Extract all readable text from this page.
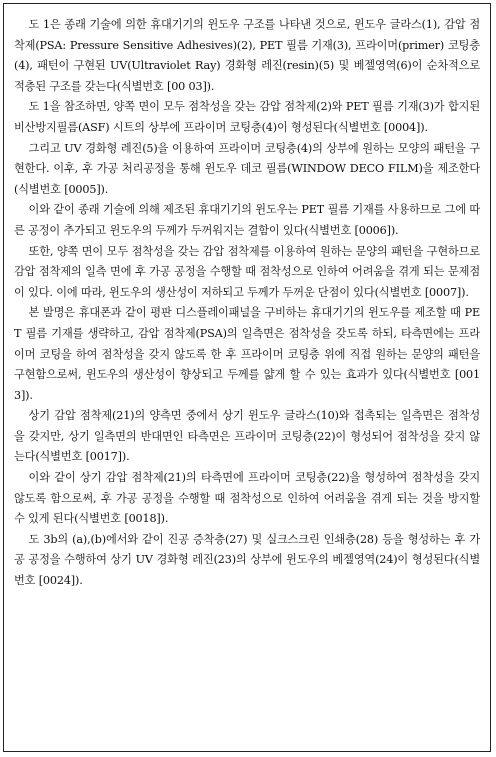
도 1은 종래 기술에 의한 휴대기기의 윈도우 구조를 나타낸 것으로, 윈도우 글라스(1), 감압 점착제(PSA: Pressure Sensitive Adhesives)(2), PET 필름 기재(3), 프라이머(primer) 코팅층(4), 패턴이 구현된 UV(Ultraviolet Ray) 경화형 레진(resin)(5) 및 베젤영역(6)이 순차적으로 적층된 구조를 갖는다(식별번호 [00 03]).

도 1을 참조하면, 양쪽 면이 모두 점착성을 갖는 감압 점착제(2)와 PET 필름 기재(3)가 합지된 비산방지필름(ASF) 시트의 상부에 프라이머 코팅층(4)이 형성된다(식별번호 [0004]).

그리고 UV 경화형 레진(5)을 이용하여 프라이머 코팅층(4)의 상부에 원하는 모양의 패턴을 구현한다. 이후, 후 가공 처리공정을 통해 윈도우 데코 필름(WINDOW DECO FILM)을 제조한다(식별번호 [0005]).

이와 같이 종래 기술에 의해 제조된 휴대기기의 윈도우는 PET 필름 기재를 사용하므로 그에 따른 공정이 추가되고 윈도우의 두께가 두꺼워지는 결함이 있다(식별번호 [0006]).

또한, 양쪽 면이 모두 점착성을 갖는 감압 점착제를 이용하여 원하는 문양의 패턴을 구현하므로 감압 점착제의 일측 면에 후 가공 공정을 수행할 때 점착성으로 인하여 어려움을 겪게 되는 문제점이 있다. 이에 따라, 윈도우의 생산성이 저하되고 두께가 두꺼운 단점이 있다(식별번호 [0007]).

본 발명은 휴대폰과 같이 평판 디스플레이패널을 구비하는 휴대기기의 윈도우를 제조할 때 PET 필름 기재를 생략하고, 감압 점착제(PSA)의 일측면은 점착성을 갖도록 하되, 타측면에는 프라이머 코팅을 하여 점착성을 갖지 않도록 한 후 프라이머 코팅층 위에 직접 원하는 문양의 패턴을 구현함으로써, 윈도우의 생산성이 향상되고 두께를 얇게 할 수 있는 효과가 있다(식별번호 [0013]).

상기 감압 점착제(21)의 양측면 중에서 상기 윈도우 글라스(10)와 접촉되는 일측면은 점착성을 갖지만, 상기 일측면의 반대면인 타측면은 프라이머 코팅층(22)이 형성되어 점착성을 갖지 않는다(식별번호 [0017]).

이와 같이 상기 감압 점착제(21)의 타측면에 프라이머 코팅층(22)을 형성하여 점착성을 갖지 않도록 함으로써, 후 가공 공정을 수행할 때 점착성으로 인하여 어려움을 겪게 되는 것을 방지할 수 있게 된다(식별번호 [0018]).

도 3b의 (a),(b)에서와 같이 진공 증착층(27) 및 실크스크린 인쇄층(28) 등을 형성하는 후 가공 공정을 수행하여 상기 UV 경화형 레진(23)의 상부에 윈도우의 베젤영역(24)이 형성된다(식별번호 [0024]).
